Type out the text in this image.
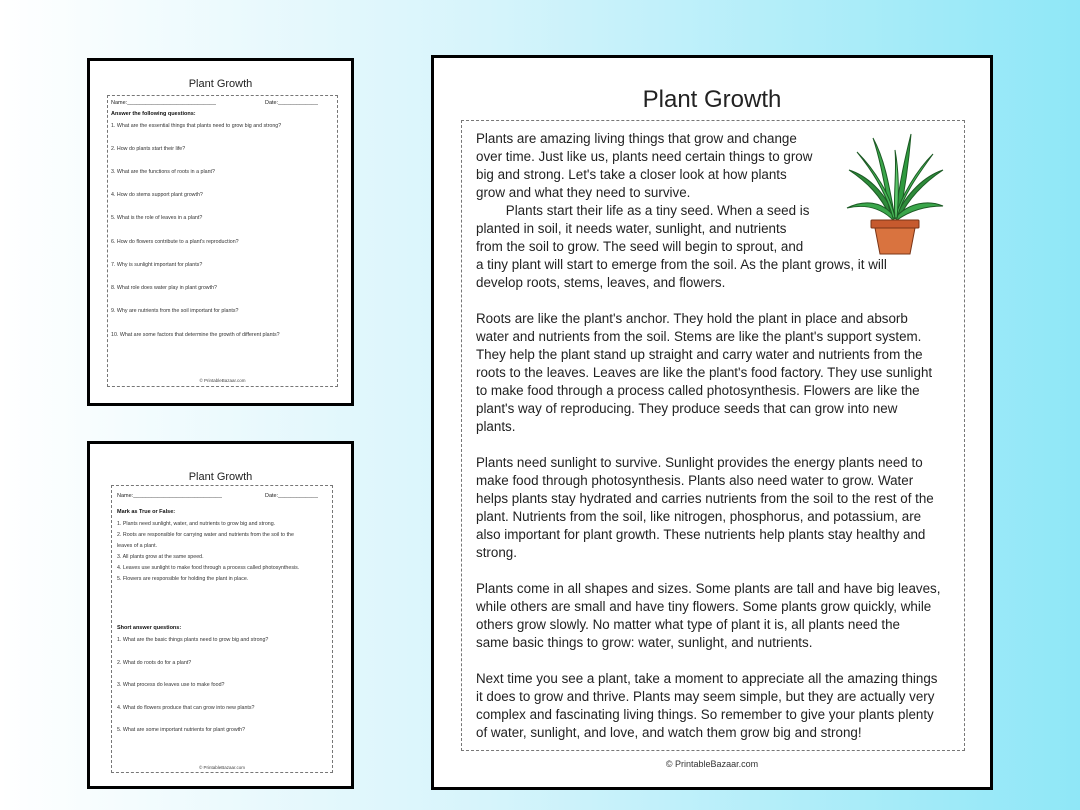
Plant Growth
Name:_____________________________	Date:_____________
Answer the following questions:
1. What are the essential things that plants need to grow big and strong?
2. How do plants start their life?
3. What are the functions of roots in a plant?
4. How do stems support plant growth?
5. What is the role of leaves in a plant?
6. How do flowers contribute to a plant's reproduction?
7. Why is sunlight important for plants?
8. What role does water play in plant growth?
9. Why are nutrients from the soil important for plants?
10. What are some factors that determine the growth of different plants?
© PrintableBazaar.com
Plant Growth
Name:_____________________________	Date:_____________
Mark as True or False:
1. Plants need sunlight, water, and nutrients to grow big and strong.
2. Roots are responsible for carrying water and nutrients from the soil to the
leaves of a plant.
3. All plants grow at the same speed.
4. Leaves use sunlight to make food through a process called photosynthesis.
5. Flowers are responsible for holding the plant in place.
Short answer questions:
1. What are the basic things plants need to grow big and strong?
2. What do roots do for a plant?
3. What process do leaves use to make food?
4. What do flowers produce that can grow into new plants?
5. What are some important nutrients for plant growth?
© PrintableBazaar.com
Plant Growth

Plants are amazing living things that grow and change

over time. Just like us, plants need certain things to grow

big and strong. Let's take a closer look at how plants

grow and what they need to survive.

Plants start their life as a tiny seed. When a seed is

planted in soil, it needs water, sunlight, and nutrients

from the soil to grow. The seed will begin to sprout, and

a tiny plant will start to emerge from the soil. As the plant grows, it will

develop roots, stems, leaves, and flowers.

Roots are like the plant's anchor. They hold the plant in place and absorb

water and nutrients from the soil. Stems are like the plant's support system.

They help the plant stand up straight and carry water and nutrients from the

roots to the leaves. Leaves are like the plant's food factory. They use sunlight

to make food through a process called photosynthesis. Flowers are like the

plant's way of reproducing. They produce seeds that can grow into new

plants.

Plants need sunlight to survive. Sunlight provides the energy plants need to

make food through photosynthesis. Plants also need water to grow. Water

helps plants stay hydrated and carries nutrients from the soil to the rest of the

plant. Nutrients from the soil, like nitrogen, phosphorus, and potassium, are

also important for plant growth. These nutrients help plants stay healthy and

strong.

Plants come in all shapes and sizes. Some plants are tall and have big leaves,

while others are small and have tiny flowers. Some plants grow quickly, while

others grow slowly. No matter what type of plant it is, all plants need the

same basic things to grow: water, sunlight, and nutrients.

Next time you see a plant, take a moment to appreciate all the amazing things

it does to grow and thrive. Plants may seem simple, but they are actually very

complex and fascinating living things. So remember to give your plants plenty

of water, sunlight, and love, and watch them grow big and strong!

© PrintableBazaar.com
